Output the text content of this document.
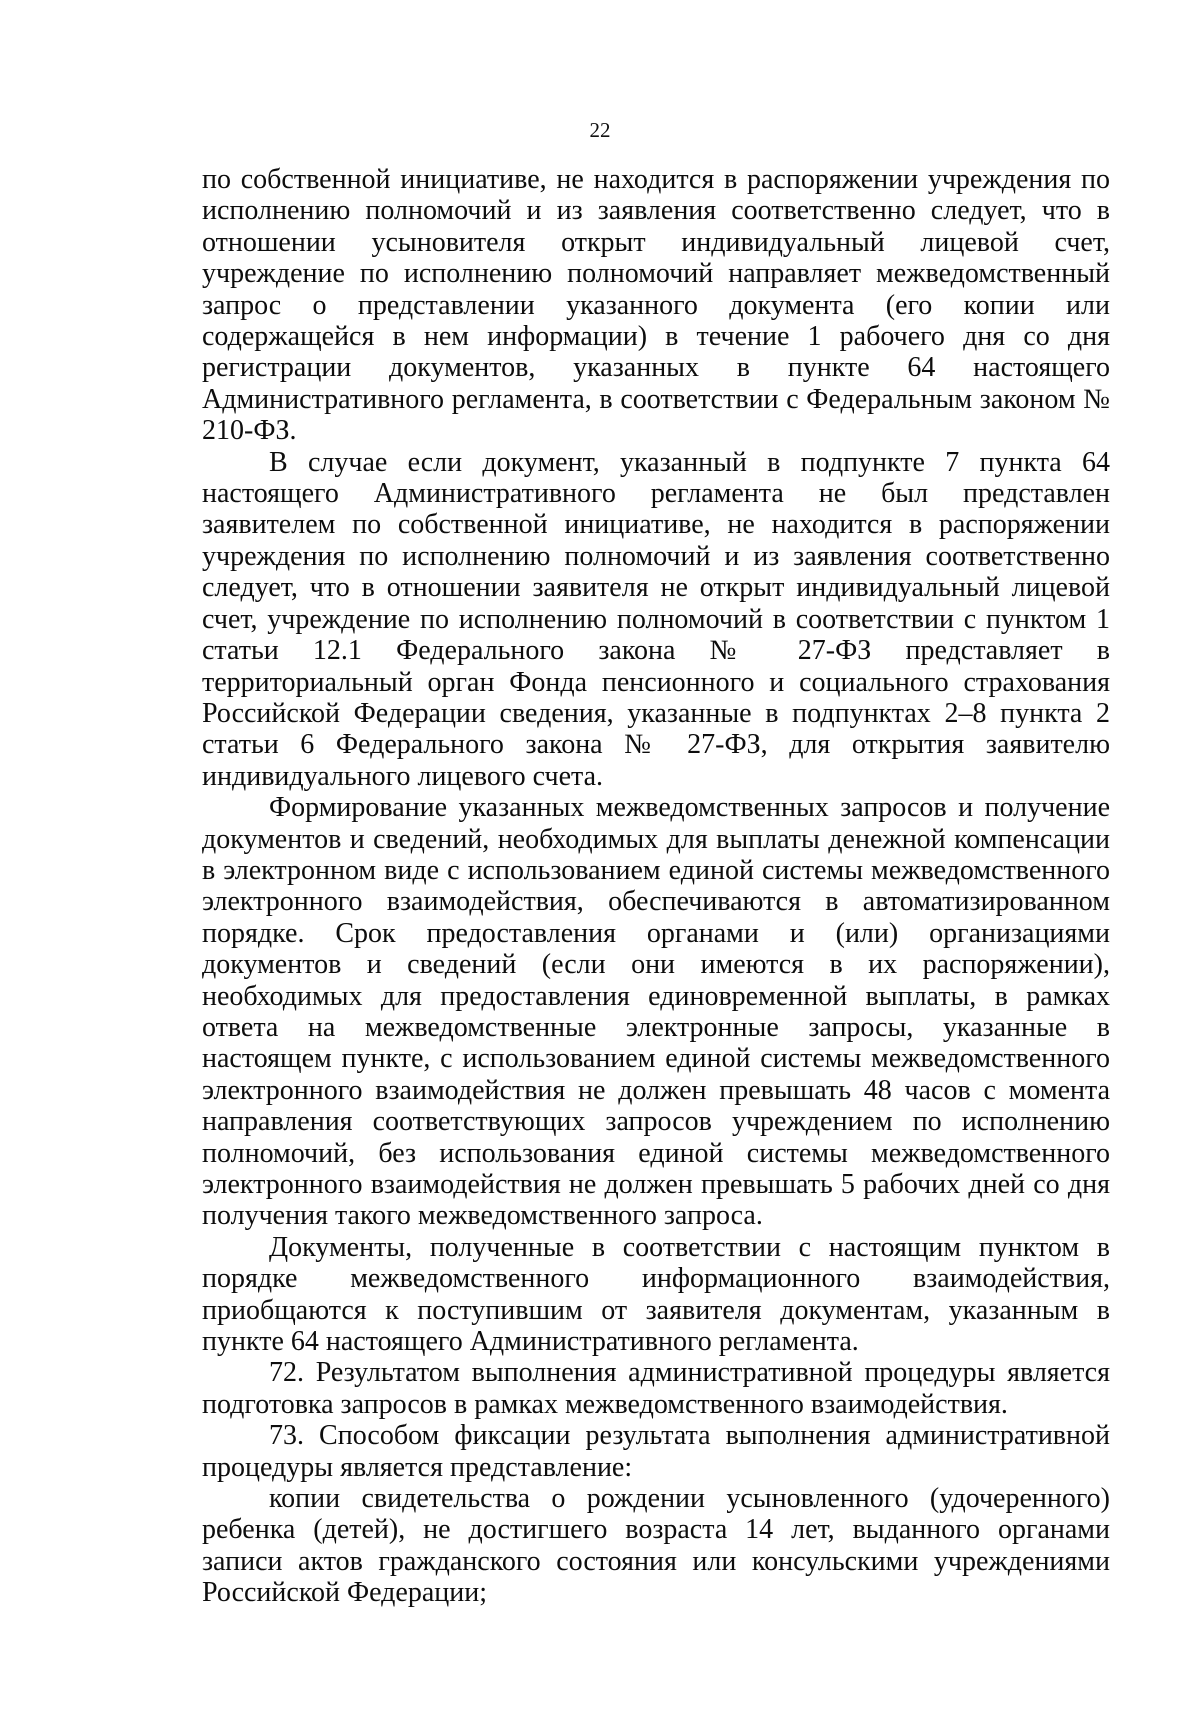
22

по собственной инициативе, не находится в распоряжении учреждения по исполнению полномочий и из заявления соответственно следует, что в отношении усыновителя открыт индивидуальный лицевой счет, учреждение по исполнению полномочий направляет межведомственный запрос о представлении указанного документа (его копии или содержащейся в нем информации) в течение 1 рабочего дня со дня регистрации документов, указанных в пункте 64 настоящего Административного регламента, в соответствии с Федеральным законом № 210-ФЗ.

В случае если документ, указанный в подпункте 7 пункта 64 настоящего Административного регламента не был представлен заявителем по собственной инициативе, не находится в распоряжении учреждения по исполнению полномочий и из заявления соответственно следует, что в отношении заявителя не открыт индивидуальный лицевой счет, учреждение по исполнению полномочий в соответствии с пунктом 1 статьи 12.1 Федерального закона № 27-ФЗ представляет в территориальный орган Фонда пенсионного и социального страхования Российской Федерации сведения, указанные в подпунктах 2–8 пункта 2 статьи 6 Федерального закона № 27-ФЗ, для открытия заявителю индивидуального лицевого счета.

Формирование указанных межведомственных запросов и получение документов и сведений, необходимых для выплаты денежной компенсации в электронном виде с использованием единой системы межведомственного электронного взаимодействия, обеспечиваются в автоматизированном порядке. Срок предоставления органами и (или) организациями документов и сведений (если они имеются в их распоряжении), необходимых для предоставления единовременной выплаты, в рамках ответа на межведомственные электронные запросы, указанные в настоящем пункте, с использованием единой системы межведомственного электронного взаимодействия не должен превышать 48 часов с момента направления соответствующих запросов учреждением по исполнению полномочий, без использования единой системы межведомственного электронного взаимодействия не должен превышать 5 рабочих дней со дня получения такого межведомственного запроса.

Документы, полученные в соответствии с настоящим пунктом в порядке межведомственного информационного взаимодействия, приобщаются к поступившим от заявителя документам, указанным в пункте 64 настоящего Административного регламента.

72. Результатом выполнения административной процедуры является подготовка запросов в рамках межведомственного взаимодействия.

73. Способом фиксации результата выполнения административной процедуры является представление:

копии свидетельства о рождении усыновленного (удочеренного) ребенка (детей), не достигшего возраста 14 лет, выданного органами записи актов гражданского состояния или консульскими учреждениями Российской Федерации;
